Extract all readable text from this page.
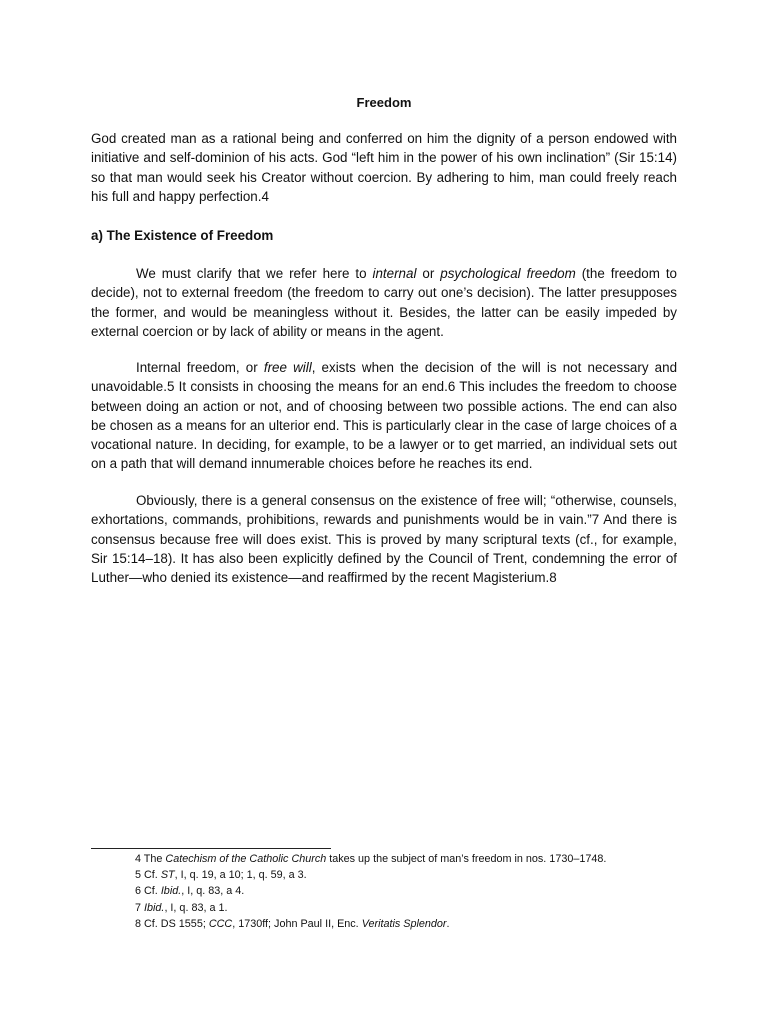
Freedom
God created man as a rational being and conferred on him the dignity of a person endowed with initiative and self-dominion of his acts. God “left him in the power of his own inclination” (Sir 15:14) so that man would seek his Creator without coercion. By adhering to him, man could freely reach his full and happy perfection.4
a) The Existence of Freedom
We must clarify that we refer here to internal or psychological freedom (the freedom to decide), not to external freedom (the freedom to carry out one’s decision). The latter presupposes the former, and would be meaningless without it. Besides, the latter can be easily impeded by external coercion or by lack of ability or means in the agent.
Internal freedom, or free will, exists when the decision of the will is not necessary and unavoidable.5 It consists in choosing the means for an end.6 This includes the freedom to choose between doing an action or not, and of choosing between two possible actions. The end can also be chosen as a means for an ulterior end. This is particularly clear in the case of large choices of a vocational nature. In deciding, for example, to be a lawyer or to get married, an individual sets out on a path that will demand innumerable choices before he reaches its end.
Obviously, there is a general consensus on the existence of free will; “otherwise, counsels, exhortations, commands, prohibitions, rewards and punishments would be in vain.”7 And there is consensus because free will does exist. This is proved by many scriptural texts (cf., for example, Sir 15:14–18). It has also been explicitly defined by the Council of Trent, condemning the error of Luther—who denied its existence—and reaffirmed by the recent Magisterium.8
4 The Catechism of the Catholic Church takes up the subject of man’s freedom in nos. 1730–1748.
5 Cf. ST, I, q. 19, a 10; 1, q. 59, a 3.
6 Cf. Ibid., I, q. 83, a 4.
7 Ibid., I, q. 83, a 1.
8 Cf. DS 1555; CCC, 1730ff; John Paul II, Enc. Veritatis Splendor.
